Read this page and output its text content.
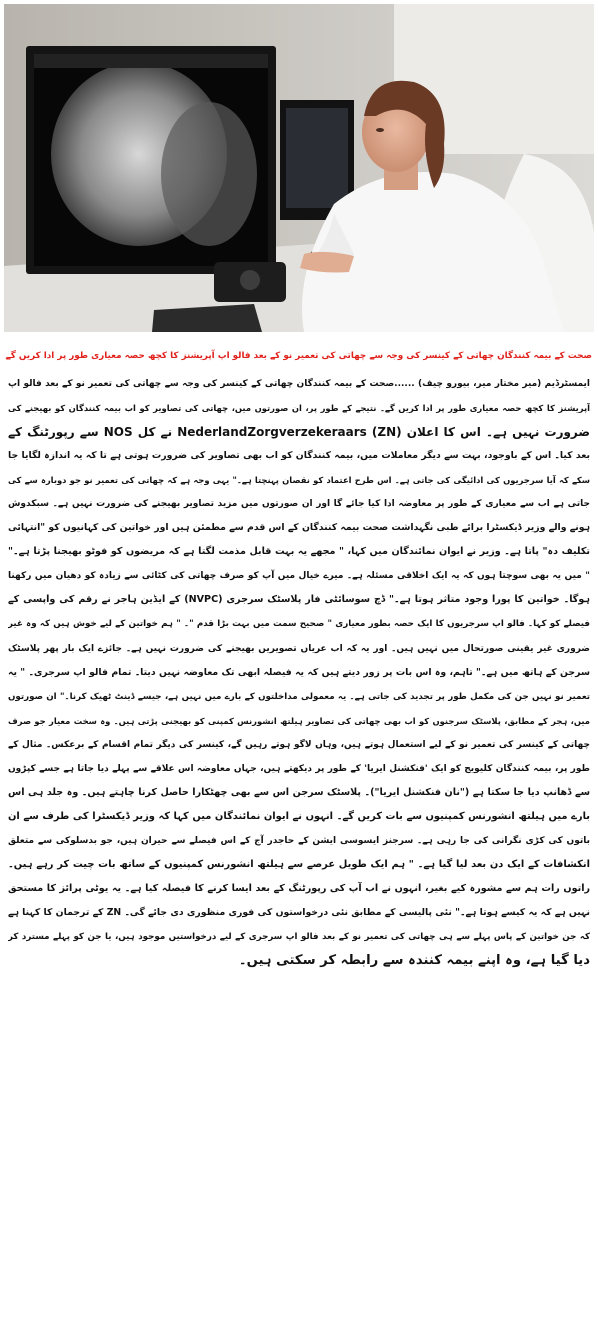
صحت کے بیمہ کنندگان چھاتی کے کینسر کی وجہ سے چھاتی کی تعمیر نو کے بعد فالو اپ آپریشنز کا کچھ حصہ معیاری طور پر ادا کریں گے
ایمسٹرڈیم (میر مختار میر، بیورو چیف) ......صحت کے بیمہ کنندگان چھاتی کے کینسر کی وجہ سے چھاتی کی تعمیر نو کے بعد فالو اپ
آپریشنز کا کچھ حصہ معیاری طور پر ادا کریں گے۔ نتیجے کے طور پر، ان صورتوں میں، چھاتی کی تصاویر کو اب بیمہ کنندگان کو بھیجنے کی
ضرورت نہیں ہے۔ اس کا اعلان NederlandZorgverzekeraars (ZN) نے کل NOS سے رپورٹنگ کے
بعد کیا۔ اس کے باوجود، بہت سے دیگر معاملات میں، بیمہ کنندگان کو اب بھی تصاویر کی ضرورت ہوتی ہے تا کہ یہ اندازہ لگایا جا
سکے کہ آیا سرجریوں کی ادائیگی کی جاتی ہے۔ اس طرح اعتماد کو نقصان پہنچتا ہے۔" یہی وجہ ہے کہ چھاتی کی تعمیر نو جو دوبارہ سے کی
جاتی ہے اب سے معیاری کے طور پر معاوضہ ادا کیا جائے گا اور ان صورتوں میں مزید تصاویر بھیجنے کی ضرورت نہیں ہے۔ سبکدوش
ہونے والے وزیر ڈیکسٹرا برائے طبی نگہداشت صحت بیمہ کنندگان کے اس قدم سے مطمئن ہیں اور خواتین کی کہانیوں کو "انتہائی
تکلیف دہ" پاتا ہے۔ وزیر نے ایوان نمائندگان میں کہا، " مجھے یہ بہت قابل مذمت لگتا ہے کہ مریضوں کو فوٹو بھیجنا پڑتا ہے۔"
" میں یہ بھی سوچتا ہوں کہ یہ ایک اخلاقی مسئلہ ہے۔ میرے خیال میں آپ کو صرف چھاتی کی کٹائی سے زیادہ کو دھیان میں رکھنا
ہوگا۔ خواتین کا پورا وجود متاثر ہوتا ہے۔" ڈچ سوسائٹی فار پلاسٹک سرجری (NVPC) کے ایڈین ہاجر نے رقم کی واپسی کے
فیصلے کو کہا۔ فالو اپ سرجریوں کا ایک حصہ بطور معیاری " صحیح سمت میں بہت بڑا قدم "۔ " ہم خواتین کے لیے خوش ہیں کہ وہ غیر
ضروری غیر یقینی صورتحال میں نہیں ہیں۔ اور یہ کہ اب عریاں تصویریں بھیجنے کی ضرورت نہیں ہے۔ جائزے ایک بار پھر پلاسٹک
سرجن کے ہاتھ میں ہے۔" تاہم، وہ اس بات پر زور دیتے ہیں کہ یہ فیصلہ ابھی تک معاوضہ نہیں دیتا۔ تمام فالو اپ سرجری۔ " یہ
تعمیر نو نہیں جن کی مکمل طور پر تجدید کی جاتی ہے۔ یہ معمولی مداخلتوں کے بارے میں نہیں ہے، جیسے ڈینٹ ٹھیک کرنا۔" ان صورتوں
میں، ہجر کے مطابق، پلاسٹک سرجنوں کو اب بھی چھاتی کی تصاویر ہیلتھ انشورنس کمپنی کو بھیجنی پڑتی ہیں۔ وہ سخت معیار جو صرف
چھاتی کے کینسر کی تعمیر نو کے لیے استعمال ہوتے ہیں، وہاں لاگو ہوتے رہیں گے، کینسر کی دیگر تمام اقسام کے برعکس۔ مثال کے
طور پر، بیمہ کنندگان کلیویج کو ایک 'فنکشنل ایریا' کے طور پر دیکھتے ہیں، جہاں معاوضہ اس علاقے سے پہلے دیا جاتا ہے جسے کپڑوں
سے ڈھانپ دیا جا سکتا ہے ("نان فنکشنل ایریا")۔ پلاسٹک سرجن اس سے بھی چھٹکارا حاصل کرنا چاہتے ہیں۔ وہ جلد ہی اس
بارے میں ہیلتھ انشورنس کمپنیوں سے بات کریں گے۔ انہوں نے ایوان نمائندگان میں کہا کہ وزیر ڈیکسٹرا کی طرف سے ان
باتوں کی کڑی نگرانی کی جا رہی ہے۔ سرجنز ایسوسی ایشن کے حاجدر آج کے اس فیصلے سے حیران ہیں، جو بدسلوکی سے متعلق
انکشافات کے ایک دن بعد لیا گیا ہے۔ " ہم ایک طویل عرصے سے ہیلتھ انشورنس کمپنیوں کے ساتھ بات چیت کر رہے ہیں۔
راتوں رات ہم سے مشورہ کیے بغیر، انہوں نے اب آپ کی رپورٹنگ کے بعد ایسا کرنے کا فیصلہ کیا ہے۔ یہ یوٹی پرائز کا مستحق
نہیں ہے کہ یہ کیسے ہوتا ہے۔" نئی پالیسی کے مطابق نئی درخواستوں کی فوری منظوری دی جائے گی۔ ZN کے ترجمان کا کہنا ہے
کہ جن خواتین کے پاس پہلے سے ہی چھاتی کی تعمیر نو کے بعد فالو اپ سرجری کے لیے درخواستیں موجود ہیں، یا جن کو پہلے مسترد کر
دیا گیا ہے، وہ اپنے بیمہ کنندہ سے رابطہ کر سکتی ہیں۔
